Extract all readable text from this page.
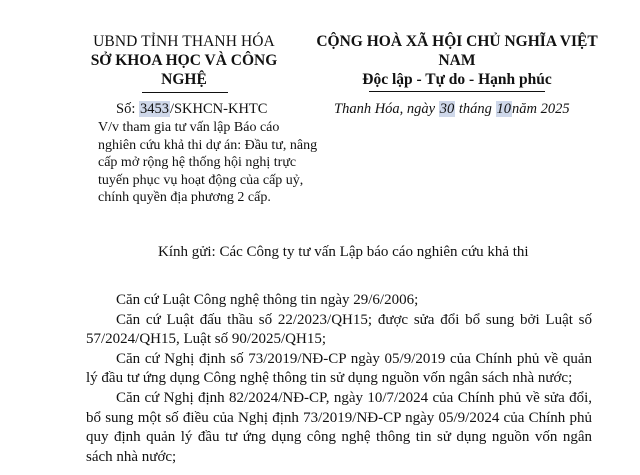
UBND TỈNH THANH HÓA
SỞ KHOA HỌC VÀ CÔNG NGHỆ
CỘNG HOÀ XÃ HỘI CHỦ NGHĨA VIỆT NAM
Độc lập - Tự do - Hạnh phúc
Số: 3453/SKHCN-KHTC	Thanh Hóa, ngày 30 tháng 10năm 2025
V/v tham gia tư vấn lập Báo cáo nghiên cứu khả thi dự án: Đầu tư, nâng cấp mở rộng hệ thống hội nghị trực tuyến phục vụ hoạt động của cấp uỷ, chính quyền địa phương 2 cấp.
Kính gửi: Các Công ty tư vấn Lập báo cáo nghiên cứu khả thi

Căn cứ Luật Công nghệ thông tin ngày 29/6/2006;

Căn cứ Luật đấu thầu số 22/2023/QH15; được sửa đổi bổ sung bởi Luật số 57/2024/QH15, Luật số 90/2025/QH15;

Căn cứ Nghị định số 73/2019/NĐ-CP ngày 05/9/2019 của Chính phủ về quản lý đầu tư ứng dụng Công nghệ thông tin sử dụng nguồn vốn ngân sách nhà nước;

Căn cứ Nghị định 82/2024/NĐ-CP, ngày 10/7/2024 của Chính phủ về sửa đổi, bổ sung một số điều của Nghị định 73/2019/NĐ-CP ngày 05/9/2024 của Chính phủ quy định quản lý đầu tư ứng dụng công nghệ thông tin sử dụng nguồn vốn ngân sách nhà nước;
